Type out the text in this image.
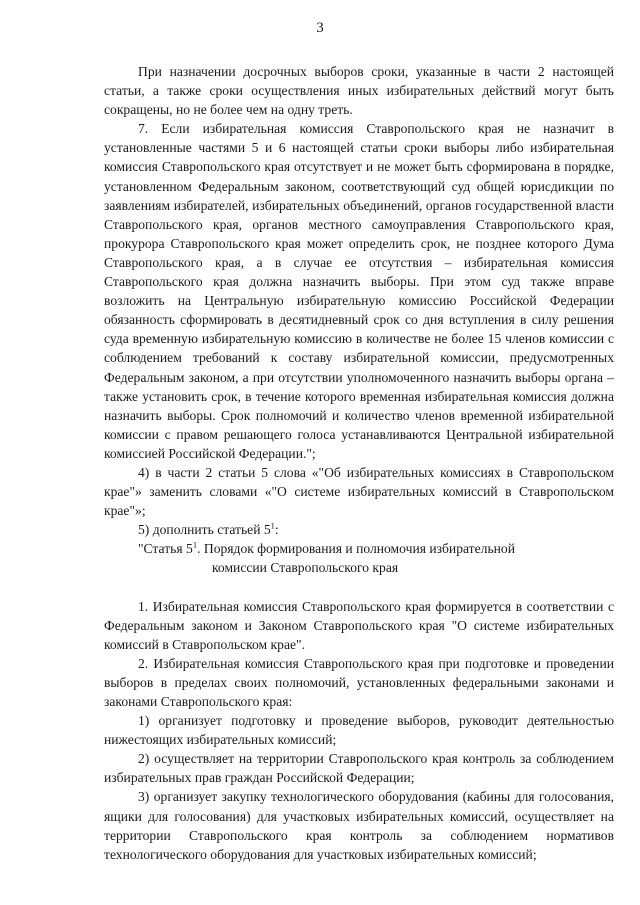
3

При назначении досрочных выборов сроки, указанные в части 2 настоящей статьи, а также сроки осуществления иных избирательных действий могут быть сокращены, но не более чем на одну треть.

7. Если избирательная комиссия Ставропольского края не назначит в установленные частями 5 и 6 настоящей статьи сроки выборы либо избирательная комиссия Ставропольского края отсутствует и не может быть сформирована в порядке, установленном Федеральным законом, соответствующий суд общей юрисдикции по заявлениям избирателей, избирательных объединений, органов государственной власти Ставропольского края, органов местного самоуправления Ставропольского края, прокурора Ставропольского края может определить срок, не позднее которого Дума Ставропольского края, а в случае ее отсутствия – избирательная комиссия Ставропольского края должна назначить выборы. При этом суд также вправе возложить на Центральную избирательную комиссию Российской Федерации обязанность сформировать в десятидневный срок со дня вступления в силу решения суда временную избирательную комиссию в количестве не более 15 членов комиссии с соблюдением требований к составу избирательной комиссии, предусмотренных Федеральным законом, а при отсутствии уполномоченного назначить выборы органа – также установить срок, в течение которого временная избирательная комиссия должна назначить выборы. Срок полномочий и количество членов временной избирательной комиссии с правом решающего голоса устанавливаются Центральной избирательной комиссией Российской Федерации.";

4) в части 2 статьи 5 слова «"Об избирательных комиссиях в Ставропольском крае"» заменить словами «"О системе избирательных комиссий в Ставропольском крае"»;

5) дополнить статьей $5^1$:

"Статья $5^1$. Порядок формирования и полномочия избирательной
комиссии Ставропольского края

1. Избирательная комиссия Ставропольского края формируется в соответствии с Федеральным законом и Законом Ставропольского края "О системе избирательных комиссий в Ставропольском крае".

2. Избирательная комиссия Ставропольского края при подготовке и проведении выборов в пределах своих полномочий, установленных федеральными законами и законами Ставропольского края:

1) организует подготовку и проведение выборов, руководит деятельностью нижестоящих избирательных комиссий;

2) осуществляет на территории Ставропольского края контроль за соблюдением избирательных прав граждан Российской Федерации;

3) организует закупку технологического оборудования (кабины для голосования, ящики для голосования) для участковых избирательных комиссий, осуществляет на территории Ставропольского края контроль за соблюдением нормативов технологического оборудования для участковых избирательных комиссий;
